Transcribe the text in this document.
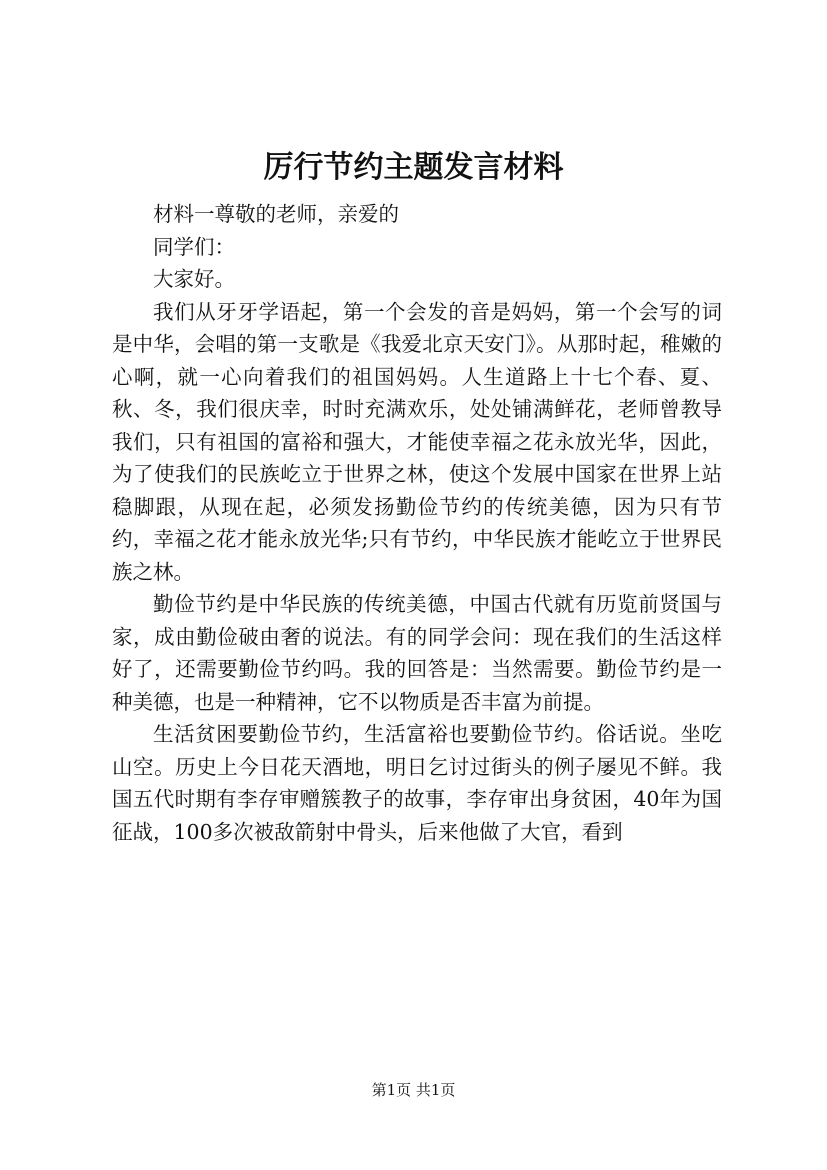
厉行节约主题发言材料

材料一尊敬的老师，亲爱的

同学们：

大家好。

我们从牙牙学语起，第一个会发的音是妈妈，第一个会写的词是中华，会唱的第一支歌是《我爱北京天安门》。从那时起，稚嫩的心啊，就一心向着我们的祖国妈妈。人生道路上十七个春、夏、秋、冬，我们很庆幸，时时充满欢乐，处处铺满鲜花，老师曾教导我们，只有祖国的富裕和强大，才能使幸福之花永放光华，因此，为了使我们的民族屹立于世界之林，使这个发展中国家在世界上站稳脚跟，从现在起，必须发扬勤俭节约的传统美德，因为只有节约，幸福之花才能永放光华;只有节约，中华民族才能屹立于世界民族之林。

勤俭节约是中华民族的传统美德，中国古代就有历览前贤国与家，成由勤俭破由奢的说法。有的同学会问：现在我们的生活这样好了，还需要勤俭节约吗。我的回答是：当然需要。勤俭节约是一种美德，也是一种精神，它不以物质是否丰富为前提。

生活贫困要勤俭节约，生活富裕也要勤俭节约。俗话说。坐吃山空。历史上今日花天酒地，明日乞讨过街头的例子屡见不鲜。我国五代时期有李存审赠簇教子的故事，李存审出身贫困，40年为国征战，100多次被敌箭射中骨头，后来他做了大官，看到

第1页 共1页
